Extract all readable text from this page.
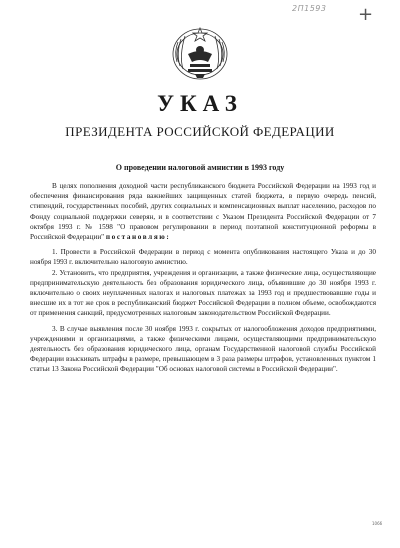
2П1593 +
УКАЗ
ПРЕЗИДЕНТА РОССИЙСКОЙ ФЕДЕРАЦИИ
О проведении налоговой амнистии в 1993 году

В целях пополнения доходной части республиканского бюджета Российской Федерации на 1993 год и обеспечения финансирования ряда важнейших защищенных статей бюджета, в первую очередь пенсий, стипендий, государственных пособий, других социальных и компенсационных выплат населению, расходов по Фонду социальной поддержки северян, и в соответствии с Указом Президента Российской Федерации от 7 октября 1993 г. № 1598 "О правовом регулировании в период поэтапной конституционной реформы в Российской Федерации" постановляю:

1. Провести в Российской Федерации в период с момента опубликования настоящего Указа и до 30 ноября 1993 г. включительно налоговую амнистию.

2. Установить, что предприятия, учреждения и организации, а также физические лица, осуществляющие предпринимательскую деятельность без образования юридического лица, объявившие до 30 ноября 1993 г. включительно о своих неуплаченных налогах и налоговых платежах за 1993 год и предшествовавшие годы и внесшие их в тот же срок в республиканский бюджет Российской Федерации в полном объеме, освобождаются от применения санкций, предусмотренных налоговым законодательством Российской Федерации.

3. В случае выявления после 30 ноября 1993 г. сокрытых от налогообложения доходов предприятиями, учреждениями и организациями, а также физическими лицами, осуществляющими предпринимательскую деятельность без образования юридического лица, органам Государственной налоговой службы Российской Федерации взыскивать штрафы в размере, превышающем в 3 раза размеры штрафов, установленных пунктом 1 статьи 13 Закона Российской Федерации "Об основах налоговой системы в Российской Федерации".

1066
